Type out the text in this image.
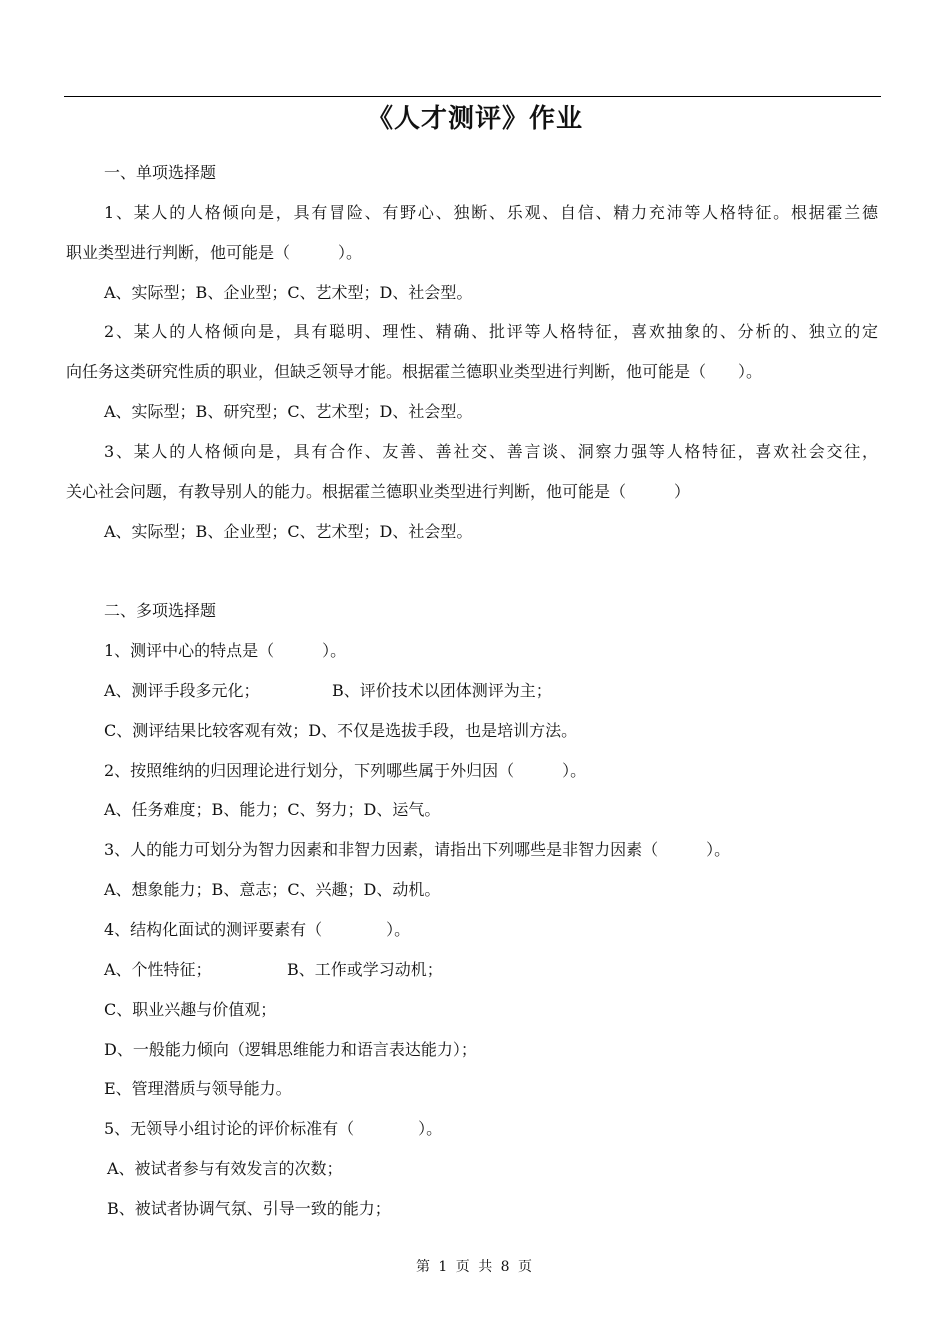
《人才测评》作业
一、单项选择题
1、某人的人格倾向是，具有冒险、有野心、独断、乐观、自信、精力充沛等人格特征。根据霍兰德
职业类型进行判断，他可能是（　　　）。
A、实际型；B、企业型；C、艺术型；D、社会型。
2、某人的人格倾向是，具有聪明、理性、精确、批评等人格特征，喜欢抽象的、分析的、独立的定
向任务这类研究性质的职业，但缺乏领导才能。根据霍兰德职业类型进行判断，他可能是（　　）。
A、实际型；B、研究型；C、艺术型；D、社会型。
3、某人的人格倾向是，具有合作、友善、善社交、善言谈、洞察力强等人格特征，喜欢社会交往，
关心社会问题，有教导别人的能力。根据霍兰德职业类型进行判断，他可能是（　　　）
A、实际型；B、企业型；C、艺术型；D、社会型。
二、多项选择题
1、测评中心的特点是（　　　）。
A、测评手段多元化；	B、评价技术以团体测评为主；
C、测评结果比较客观有效；D、不仅是选拔手段，也是培训方法。
2、按照维纳的归因理论进行划分，下列哪些属于外归因（　　　）。
A、任务难度；B、能力；C、努力；D、运气。
3、人的能力可划分为智力因素和非智力因素，请指出下列哪些是非智力因素（　　　）。
A、想象能力；B、意志；C、兴趣；D、动机。
4、结构化面试的测评要素有（　　　　）。
A、个性特征；	B、工作或学习动机；
C、职业兴趣与价值观；
D、一般能力倾向（逻辑思维能力和语言表达能力）；
E、管理潜质与领导能力。
5、无领导小组讨论的评价标准有（　　　　）。
A、被试者参与有效发言的次数；
B、被试者协调气氛、引导一致的能力；
第 1 页 共 8 页
